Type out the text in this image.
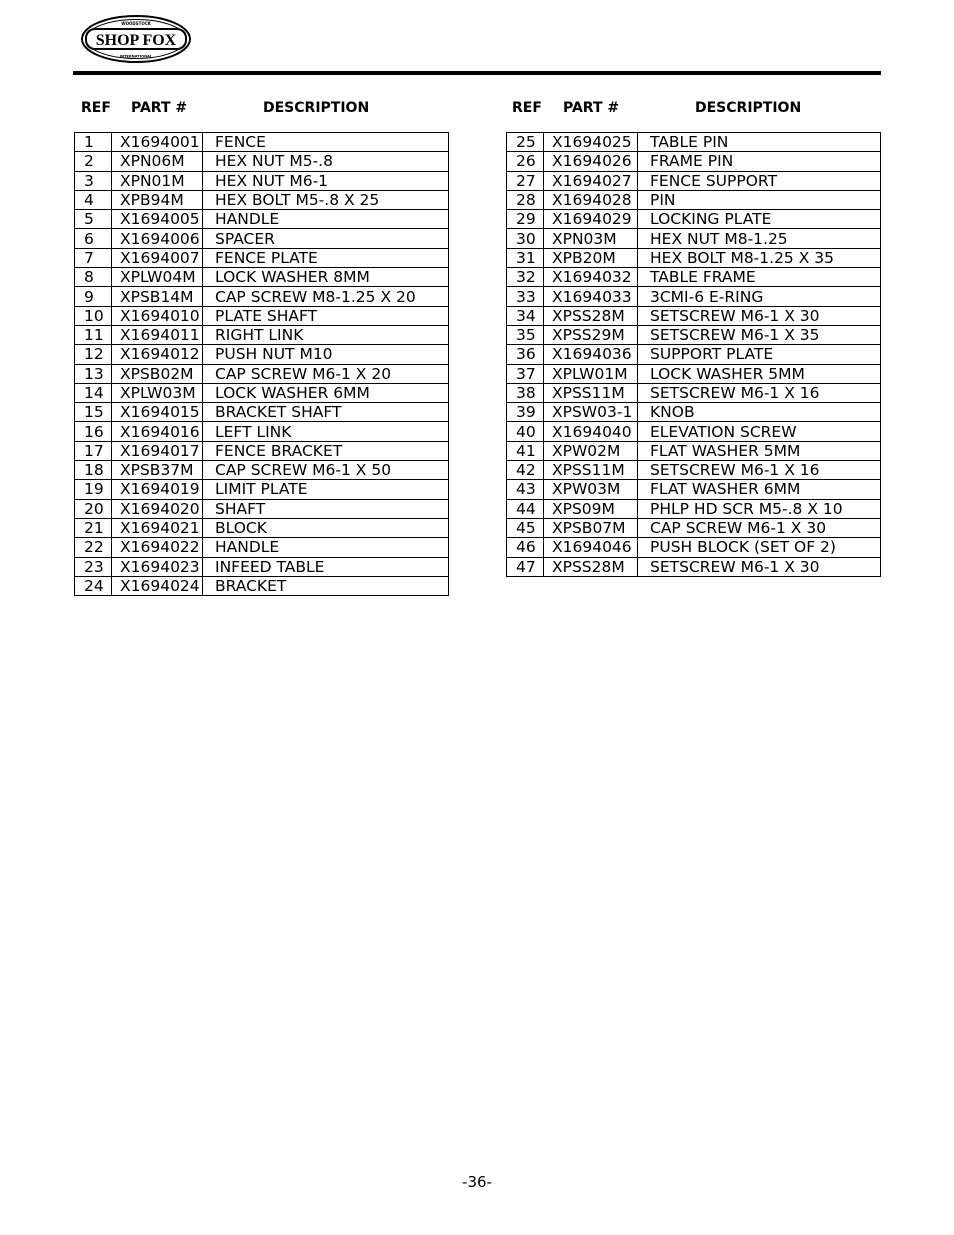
SHOP FOX
WOODSTOCK
INTERNATIONAL
REF PART #	DESCRIPTION	REF PART #	DESCRIPTION
1	X1694001	FENCE
2	XPN06M	HEX NUT M5-.8
3	XPN01M	HEX NUT M6-1
4	XPB94M	HEX BOLT M5-.8 X 25
5	X1694005	HANDLE
6	X1694006	SPACER
7	X1694007	FENCE PLATE
8	XPLW04M	LOCK WASHER 8MM
9	XPSB14M	CAP SCREW M8-1.25 X 20
10	X1694010	PLATE SHAFT
11	X1694011	RIGHT LINK
12	X1694012	PUSH NUT M10
13	XPSB02M	CAP SCREW M6-1 X 20
14	XPLW03M	LOCK WASHER 6MM
15	X1694015	BRACKET SHAFT
16	X1694016	LEFT LINK
17	X1694017	FENCE BRACKET
18	XPSB37M	CAP SCREW M6-1 X 50
19	X1694019	LIMIT PLATE
20	X1694020	SHAFT
21	X1694021	BLOCK
22	X1694022	HANDLE
23	X1694023	INFEED TABLE
24	X1694024	BRACKET
25	X1694025	TABLE PIN
26	X1694026	FRAME PIN
27	X1694027	FENCE SUPPORT
28	X1694028	PIN
29	X1694029	LOCKING PLATE
30	XPN03M	HEX NUT M8-1.25
31	XPB20M	HEX BOLT M8-1.25 X 35
32	X1694032	TABLE FRAME
33	X1694033	3CMI-6 E-RING
34	XPSS28M	SETSCREW M6-1 X 30
35	XPSS29M	SETSCREW M6-1 X 35
36	X1694036	SUPPORT PLATE
37	XPLW01M	LOCK WASHER 5MM
38	XPSS11M	SETSCREW M6-1 X 16
39	XPSW03-1	KNOB
40	X1694040	ELEVATION SCREW
41	XPW02M	FLAT WASHER 5MM
42	XPSS11M	SETSCREW M6-1 X 16
43	XPW03M	FLAT WASHER 6MM
44	XPS09M	PHLP HD SCR M5-.8 X 10
45	XPSB07M	CAP SCREW M6-1 X 30
46	X1694046	PUSH BLOCK (SET OF 2)
47	XPSS28M	SETSCREW M6-1 X 30
-36-
